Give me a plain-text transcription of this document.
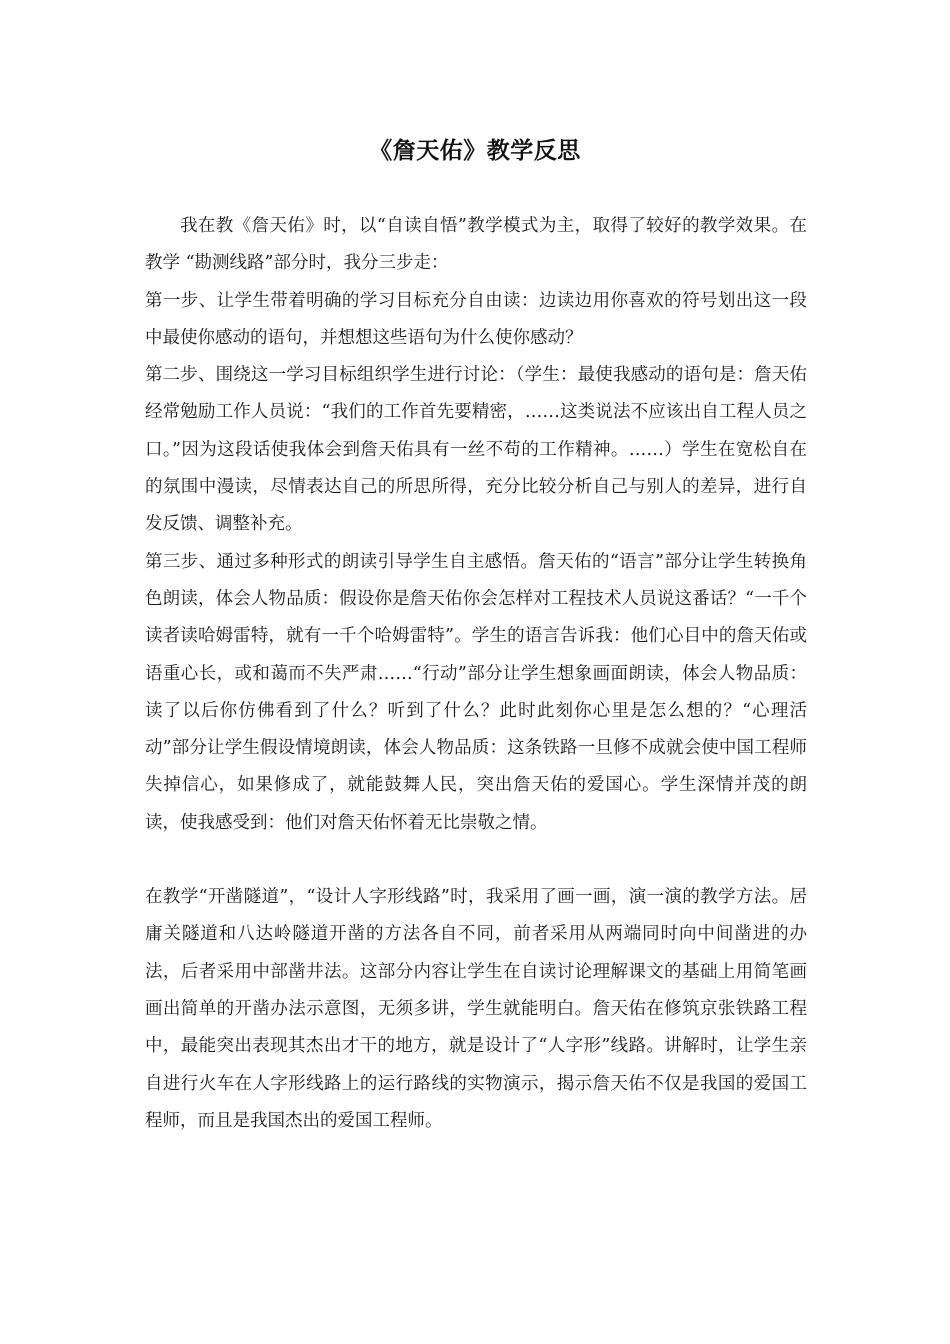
《詹天佑》教学反思

我在教《詹天佑》时，以“自读自悟”教学模式为主，取得了较好的教学效果。在教学 “勘测线路”部分时，我分三步走：

第一步、让学生带着明确的学习目标充分自由读：边读边用你喜欢的符号划出这一段中最使你感动的语句，并想想这些语句为什么使你感动？

第二步、围绕这一学习目标组织学生进行讨论：（学生：最使我感动的语句是：詹天佑经常勉励工作人员说：“我们的工作首先要精密，……这类说法不应该出自工程人员之口。”因为这段话使我体会到詹天佑具有一丝不苟的工作精神。……）学生在宽松自在的氛围中漫读，尽情表达自己的所思所得，充分比较分析自己与别人的差异，进行自发反馈、调整补充。

第三步、通过多种形式的朗读引导学生自主感悟。詹天佑的“语言”部分让学生转换角色朗读，体会人物品质：假设你是詹天佑你会怎样对工程技术人员说这番话？“一千个读者读哈姆雷特，就有一千个哈姆雷特”。学生的语言告诉我：他们心目中的詹天佑或语重心长，或和蔼而不失严肃……“行动”部分让学生想象画面朗读，体会人物品质：读了以后你仿佛看到了什么？听到了什么？此时此刻你心里是怎么想的？“心理活动”部分让学生假设情境朗读，体会人物品质：这条铁路一旦修不成就会使中国工程师失掉信心，如果修成了，就能鼓舞人民，突出詹天佑的爱国心。学生深情并茂的朗读，使我感受到：他们对詹天佑怀着无比崇敬之情。

在教学“开凿隧道”，“设计人字形线路”时，我采用了画一画，演一演的教学方法。居庸关隧道和八达岭隧道开凿的方法各自不同，前者采用从两端同时向中间凿进的办法，后者采用中部凿井法。这部分内容让学生在自读讨论理解课文的基础上用简笔画画出简单的开凿办法示意图，无须多讲，学生就能明白。詹天佑在修筑京张铁路工程中，最能突出表现其杰出才干的地方，就是设计了“人字形”线路。讲解时，让学生亲自进行火车在人字形线路上的运行路线的实物演示，揭示詹天佑不仅是我国的爱国工程师，而且是我国杰出的爱国工程师。
